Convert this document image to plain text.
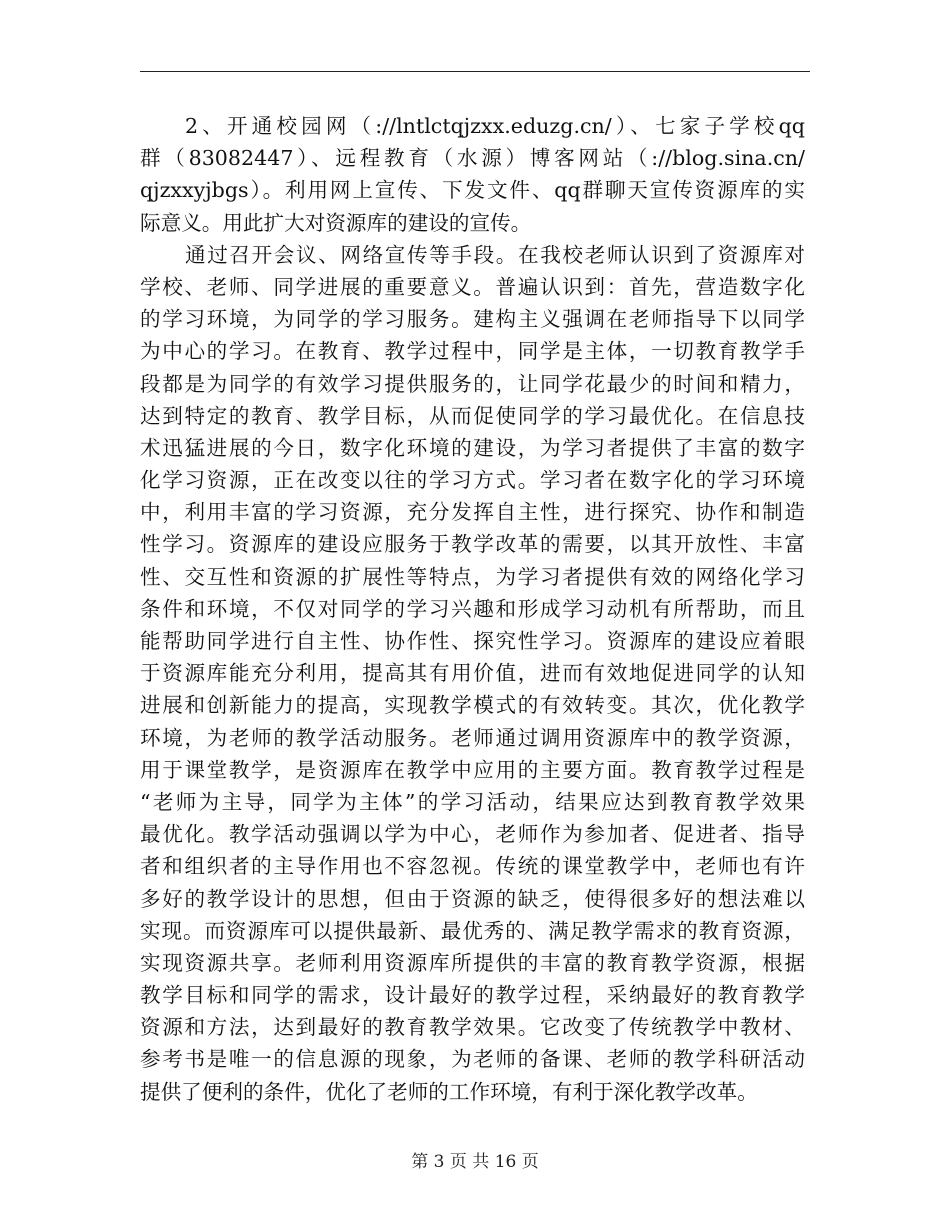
2、开通校园网（://lntlctqjzxx.eduzg.cn/）、七家子学校qq
群（83082447）、远程教育（水源）博客网站（://blog.sina.cn/
qjzxxyjbgs）。利用网上宣传、下发文件、qq群聊天宣传资源库的实
际意义。用此扩大对资源库的建设的宣传。
通过召开会议、网络宣传等手段。在我校老师认识到了资源库对
学校、老师、同学进展的重要意义。普遍认识到：首先，营造数字化
的学习环境，为同学的学习服务。建构主义强调在老师指导下以同学
为中心的学习。在教育、教学过程中，同学是主体，一切教育教学手
段都是为同学的有效学习提供服务的，让同学花最少的时间和精力，
达到特定的教育、教学目标，从而促使同学的学习最优化。在信息技
术迅猛进展的今日，数字化环境的建设，为学习者提供了丰富的数字
化学习资源，正在改变以往的学习方式。学习者在数字化的学习环境
中，利用丰富的学习资源，充分发挥自主性，进行探究、协作和制造
性学习。资源库的建设应服务于教学改革的需要，以其开放性、丰富
性、交互性和资源的扩展性等特点，为学习者提供有效的网络化学习
条件和环境，不仅对同学的学习兴趣和形成学习动机有所帮助，而且
能帮助同学进行自主性、协作性、探究性学习。资源库的建设应着眼
于资源库能充分利用，提高其有用价值，进而有效地促进同学的认知
进展和创新能力的提高，实现教学模式的有效转变。其次，优化教学
环境，为老师的教学活动服务。老师通过调用资源库中的教学资源，
用于课堂教学，是资源库在教学中应用的主要方面。教育教学过程是
“老师为主导，同学为主体”的学习活动，结果应达到教育教学效果
最优化。教学活动强调以学为中心，老师作为参加者、促进者、指导
者和组织者的主导作用也不容忽视。传统的课堂教学中，老师也有许
多好的教学设计的思想，但由于资源的缺乏，使得很多好的想法难以
实现。而资源库可以提供最新、最优秀的、满足教学需求的教育资源，
实现资源共享。老师利用资源库所提供的丰富的教育教学资源，根据
教学目标和同学的需求，设计最好的教学过程，采纳最好的教育教学
资源和方法，达到最好的教育教学效果。它改变了传统教学中教材、
参考书是唯一的信息源的现象，为老师的备课、老师的教学科研活动
提供了便利的条件，优化了老师的工作环境，有利于深化教学改革。
第 3 页 共 16 页
